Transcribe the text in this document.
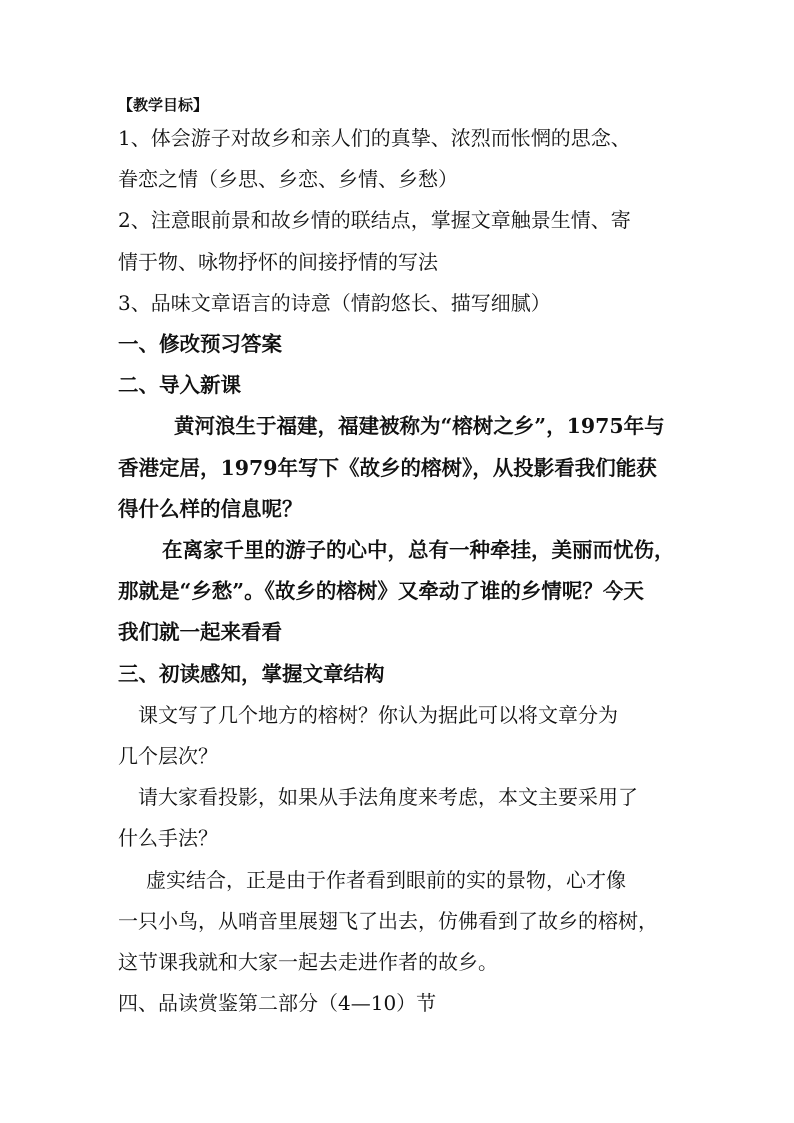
【教学目标】

1、体会游子对故乡和亲人们的真挚、浓烈而怅惘的思念、

眷恋之情（乡思、乡恋、乡情、乡愁）

2、注意眼前景和故乡情的联结点，掌握文章触景生情、寄

情于物、咏物抒怀的间接抒情的写法

3、品味文章语言的诗意（情韵悠长、描写细腻）

一、修改预习答案

二、导入新课

黄河浪生于福建，福建被称为“榕树之乡”，1975年与

香港定居，1979年写下《故乡的榕树》，从投影看我们能获

得什么样的信息呢？

在离家千里的游子的心中，总有一种牵挂，美丽而忧伤，

那就是“乡愁”。《故乡的榕树》又牵动了谁的乡情呢？今天

我们就一起来看看

三、初读感知，掌握文章结构

课文写了几个地方的榕树？你认为据此可以将文章分为

几个层次？

请大家看投影，如果从手法角度来考虑，本文主要采用了

什么手法？

虚实结合，正是由于作者看到眼前的实的景物，心才像

一只小鸟，从哨音里展翅飞了出去，仿佛看到了故乡的榕树，

这节课我就和大家一起去走进作者的故乡。

四、品读赏鉴第二部分（4—10）节
